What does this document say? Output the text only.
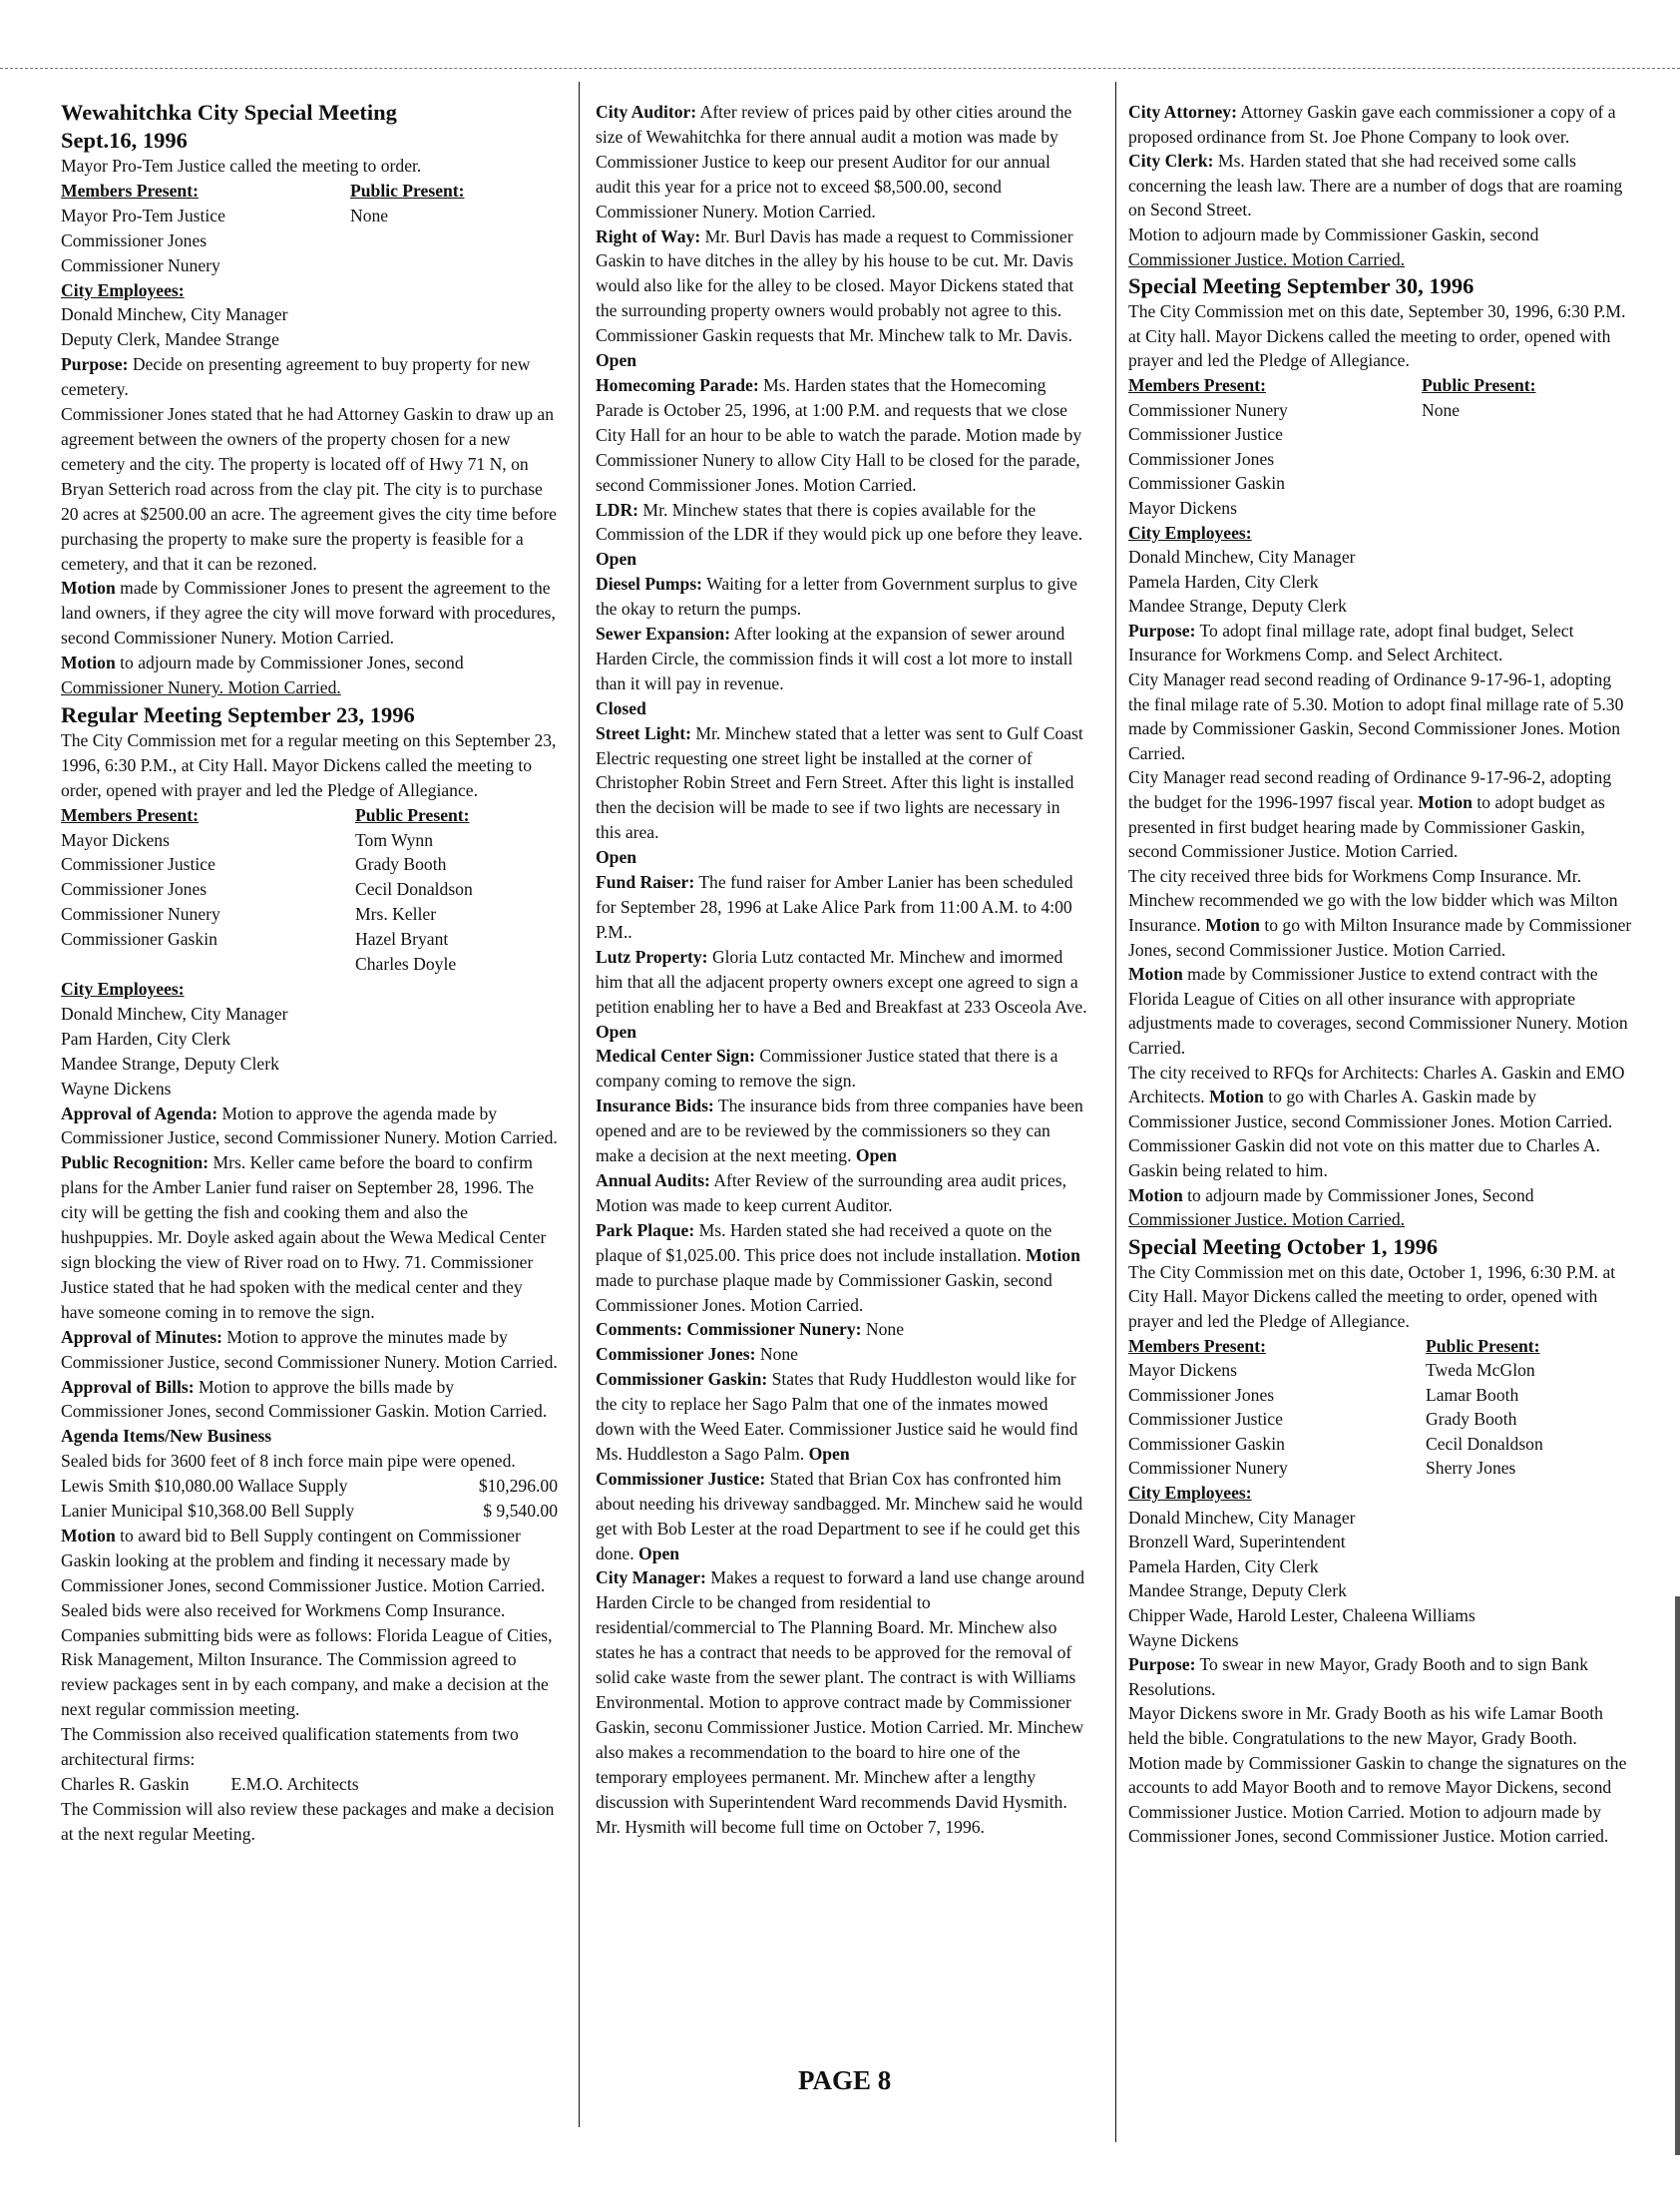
Wewahitchka City Special Meeting
Sept.16, 1996

Mayor Pro-Tem Justice called the meeting to order.

Members Present:
Mayor Pro-Tem Justice
Commissioner Jones
Commissioner Nunery
Public Present:
None
City Employees:
Donald Minchew, City Manager
Deputy Clerk, Mandee Strange

Purpose: Decide on presenting agreement to buy property for new cemetery.

Commissioner Jones stated that he had Attorney Gaskin to draw up an agreement between the owners of the property chosen for a new cemetery and the city. The property is located off of Hwy 71 N, on Bryan Setterich road across from the clay pit. The city is to purchase 20 acres at $2500.00 an acre. The agreement gives the city time before purchasing the property to make sure the property is feasible for a cemetery, and that it can be rezoned.

Motion made by Commissioner Jones to present the agreement to the land owners, if they agree the city will move forward with procedures, second Commissioner Nunery. Motion Carried.

Motion to adjourn made by Commissioner Jones, second
Commissioner Nunery. Motion Carried.

Regular Meeting September 23, 1996

The City Commission met for a regular meeting on this September 23, 1996, 6:30 P.M., at City Hall. Mayor Dickens called the meeting to order, opened with prayer and led the Pledge of Allegiance.

Members Present:
Mayor Dickens
Commissioner Justice
Commissioner Jones
Commissioner Nunery
Commissioner Gaskin
Public Present:
Tom Wynn
Grady Booth
Cecil Donaldson
Mrs. Keller
Hazel Bryant
Charles Doyle
City Employees:
Donald Minchew, City Manager
Pam Harden, City Clerk
Mandee Strange, Deputy Clerk
Wayne Dickens

Approval of Agenda: Motion to approve the agenda made by Commissioner Justice, second Commissioner Nunery. Motion Carried.

Public Recognition: Mrs. Keller came before the board to confirm plans for the Amber Lanier fund raiser on September 28, 1996. The city will be getting the fish and cooking them and also the hushpuppies. Mr. Doyle asked again about the Wewa Medical Center sign blocking the view of River road on to Hwy. 71. Commissioner Justice stated that he had spoken with the medical center and they have someone coming in to remove the sign.

Approval of Minutes: Motion to approve the minutes made by Commissioner Justice, second Commissioner Nunery. Motion Carried.

Approval of Bills: Motion to approve the bills made by Commissioner Jones, second Commissioner Gaskin. Motion Carried.

Agenda Items/New Business

Sealed bids for 3600 feet of 8 inch force main pipe were opened.

Lewis Smith $10,080.00 Wallace Supply	$10,296.00
Lanier Municipal $10,368.00 Bell Supply	$ 9,540.00

Motion to award bid to Bell Supply contingent on Commissioner Gaskin looking at the problem and finding it necessary made by Commissioner Jones, second Commissioner Justice. Motion Carried.

Sealed bids were also received for Workmens Comp Insurance. Companies submitting bids were as follows: Florida League of Cities, Risk Management, Milton Insurance. The Commission agreed to review packages sent in by each company, and make a decision at the next regular commission meeting.

The Commission also received qualification statements from two architectural firms:

Charles R. Gaskin E.M.O. Architects

The Commission will also review these packages and make a decision at the next regular Meeting.

City Auditor: After review of prices paid by other cities around the size of Wewahitchka for there annual audit a motion was made by Commissioner Justice to keep our present Auditor for our annual audit this year for a price not to exceed $8,500.00, second Commissioner Nunery. Motion Carried.

Right of Way: Mr. Burl Davis has made a request to Commissioner Gaskin to have ditches in the alley by his house to be cut. Mr. Davis would also like for the alley to be closed. Mayor Dickens stated that the surrounding property owners would probably not agree to this. Commissioner Gaskin requests that Mr. Minchew talk to Mr. Davis. Open

Homecoming Parade: Ms. Harden states that the Homecoming Parade is October 25, 1996, at 1:00 P.M. and requests that we close City Hall for an hour to be able to watch the parade. Motion made by Commissioner Nunery to allow City Hall to be closed for the parade, second Commissioner Jones. Motion Carried.

LDR: Mr. Minchew states that there is copies available for the Commission of the LDR if they would pick up one before they leave. Open

Diesel Pumps: Waiting for a letter from Government surplus to give the okay to return the pumps.

Sewer Expansion: After looking at the expansion of sewer around Harden Circle, the commission finds it will cost a lot more to install than it will pay in revenue.
Closed

Street Light: Mr. Minchew stated that a letter was sent to Gulf Coast Electric requesting one street light be installed at the corner of Christopher Robin Street and Fern Street. After this light is installed then the decision will be made to see if two lights are necessary in this area.
Open

Fund Raiser: The fund raiser for Amber Lanier has been scheduled for September 28, 1996 at Lake Alice Park from 11:00 A.M. to 4:00 P.M..

Lutz Property: Gloria Lutz contacted Mr. Minchew and imormed him that all the adjacent property owners except one agreed to sign a petition enabling her to have a Bed and Breakfast at 233 Osceola Ave. Open

Medical Center Sign: Commissioner Justice stated that there is a company coming to remove the sign.

Insurance Bids: The insurance bids from three companies have been opened and are to be reviewed by the commissioners so they can make a decision at the next meeting. Open

Annual Audits: After Review of the surrounding area audit prices, Motion was made to keep current Auditor.

Park Plaque: Ms. Harden stated she had received a quote on the plaque of $1,025.00. This price does not include installation. Motion made to purchase plaque made by Commissioner Gaskin, second Commissioner Jones. Motion Carried.

Comments: Commissioner Nunery: None

Commissioner Jones: None

Commissioner Gaskin: States that Rudy Huddleston would like for the city to replace her Sago Palm that one of the inmates mowed down with the Weed Eater. Commissioner Justice said he would find Ms. Huddleston a Sago Palm. Open

Commissioner Justice: Stated that Brian Cox has confronted him about needing his driveway sandbagged. Mr. Minchew said he would get with Bob Lester at the road Department to see if he could get this done. Open

City Manager: Makes a request to forward a land use change around Harden Circle to be changed from residential to residential/commercial to The Planning Board. Mr. Minchew also states he has a contract that needs to be approved for the removal of solid cake waste from the sewer plant. The contract is with Williams Environmental. Motion to approve contract made by Commissioner Gaskin, seconu Commissioner Justice. Motion Carried. Mr. Minchew also makes a recommendation to the board to hire one of the temporary employees permanent. Mr. Minchew after a lengthy discussion with Superintendent Ward recommends David Hysmith. Mr. Hysmith will become full time on October 7, 1996.

PAGE 8

City Attorney: Attorney Gaskin gave each commissioner a copy of a proposed ordinance from St. Joe Phone Company to look over.

City Clerk: Ms. Harden stated that she had received some calls concerning the leash law. There are a number of dogs that are roaming on Second Street.

Motion to adjourn made by Commissioner Gaskin, second
Commissioner Justice. Motion Carried.

Special Meeting September 30, 1996

The City Commission met on this date, September 30, 1996, 6:30 P.M. at City hall. Mayor Dickens called the meeting to order, opened with prayer and led the Pledge of Allegiance.

Members Present:
Commissioner Nunery
Commissioner Justice
Commissioner Jones
Commissioner Gaskin
Mayor Dickens
Public Present:
None
City Employees:
Donald Minchew, City Manager
Pamela Harden, City Clerk
Mandee Strange, Deputy Clerk

Purpose: To adopt final millage rate, adopt final budget, Select Insurance for Workmens Comp. and Select Architect.

City Manager read second reading of Ordinance 9-17-96-1, adopting the final milage rate of 5.30. Motion to adopt final millage rate of 5.30 made by Commissioner Gaskin, Second Commissioner Jones. Motion Carried.

City Manager read second reading of Ordinance 9-17-96-2, adopting the budget for the 1996-1997 fiscal year. Motion to adopt budget as presented in first budget hearing made by Commissioner Gaskin, second Commissioner Justice. Motion Carried.

The city received three bids for Workmens Comp Insurance. Mr. Minchew recommended we go with the low bidder which was Milton Insurance. Motion to go with Milton Insurance made by Commissioner Jones, second Commissioner Justice. Motion Carried.

Motion made by Commissioner Justice to extend contract with the Florida League of Cities on all other insurance with appropriate adjustments made to coverages, second Commissioner Nunery. Motion Carried.

The city received to RFQs for Architects: Charles A. Gaskin and EMO Architects. Motion to go with Charles A. Gaskin made by Commissioner Justice, second Commissioner Jones. Motion Carried. Commissioner Gaskin did not vote on this matter due to Charles A. Gaskin being related to him.

Motion to adjourn made by Commissioner Jones, Second
Commissioner Justice. Motion Carried.

Special Meeting October 1, 1996

The City Commission met on this date, October 1, 1996, 6:30 P.M. at City Hall. Mayor Dickens called the meeting to order, opened with prayer and led the Pledge of Allegiance.

Members Present:
Mayor Dickens
Commissioner Jones
Commissioner Justice
Commissioner Gaskin
Commissioner Nunery
Public Present:
Tweda McGlon
Lamar Booth
Grady Booth
Cecil Donaldson
Sherry Jones
City Employees:
Donald Minchew, City Manager
Bronzell Ward, Superintendent
Pamela Harden, City Clerk
Mandee Strange, Deputy Clerk
Chipper Wade, Harold Lester, Chaleena Williams
Wayne Dickens

Purpose: To swear in new Mayor, Grady Booth and to sign Bank Resolutions.

Mayor Dickens swore in Mr. Grady Booth as his wife Lamar Booth held the bible. Congratulations to the new Mayor, Grady Booth.

Motion made by Commissioner Gaskin to change the signatures on the accounts to add Mayor Booth and to remove Mayor Dickens, second Commissioner Justice. Motion Carried. Motion to adjourn made by Commissioner Jones, second Commissioner Justice. Motion carried.
